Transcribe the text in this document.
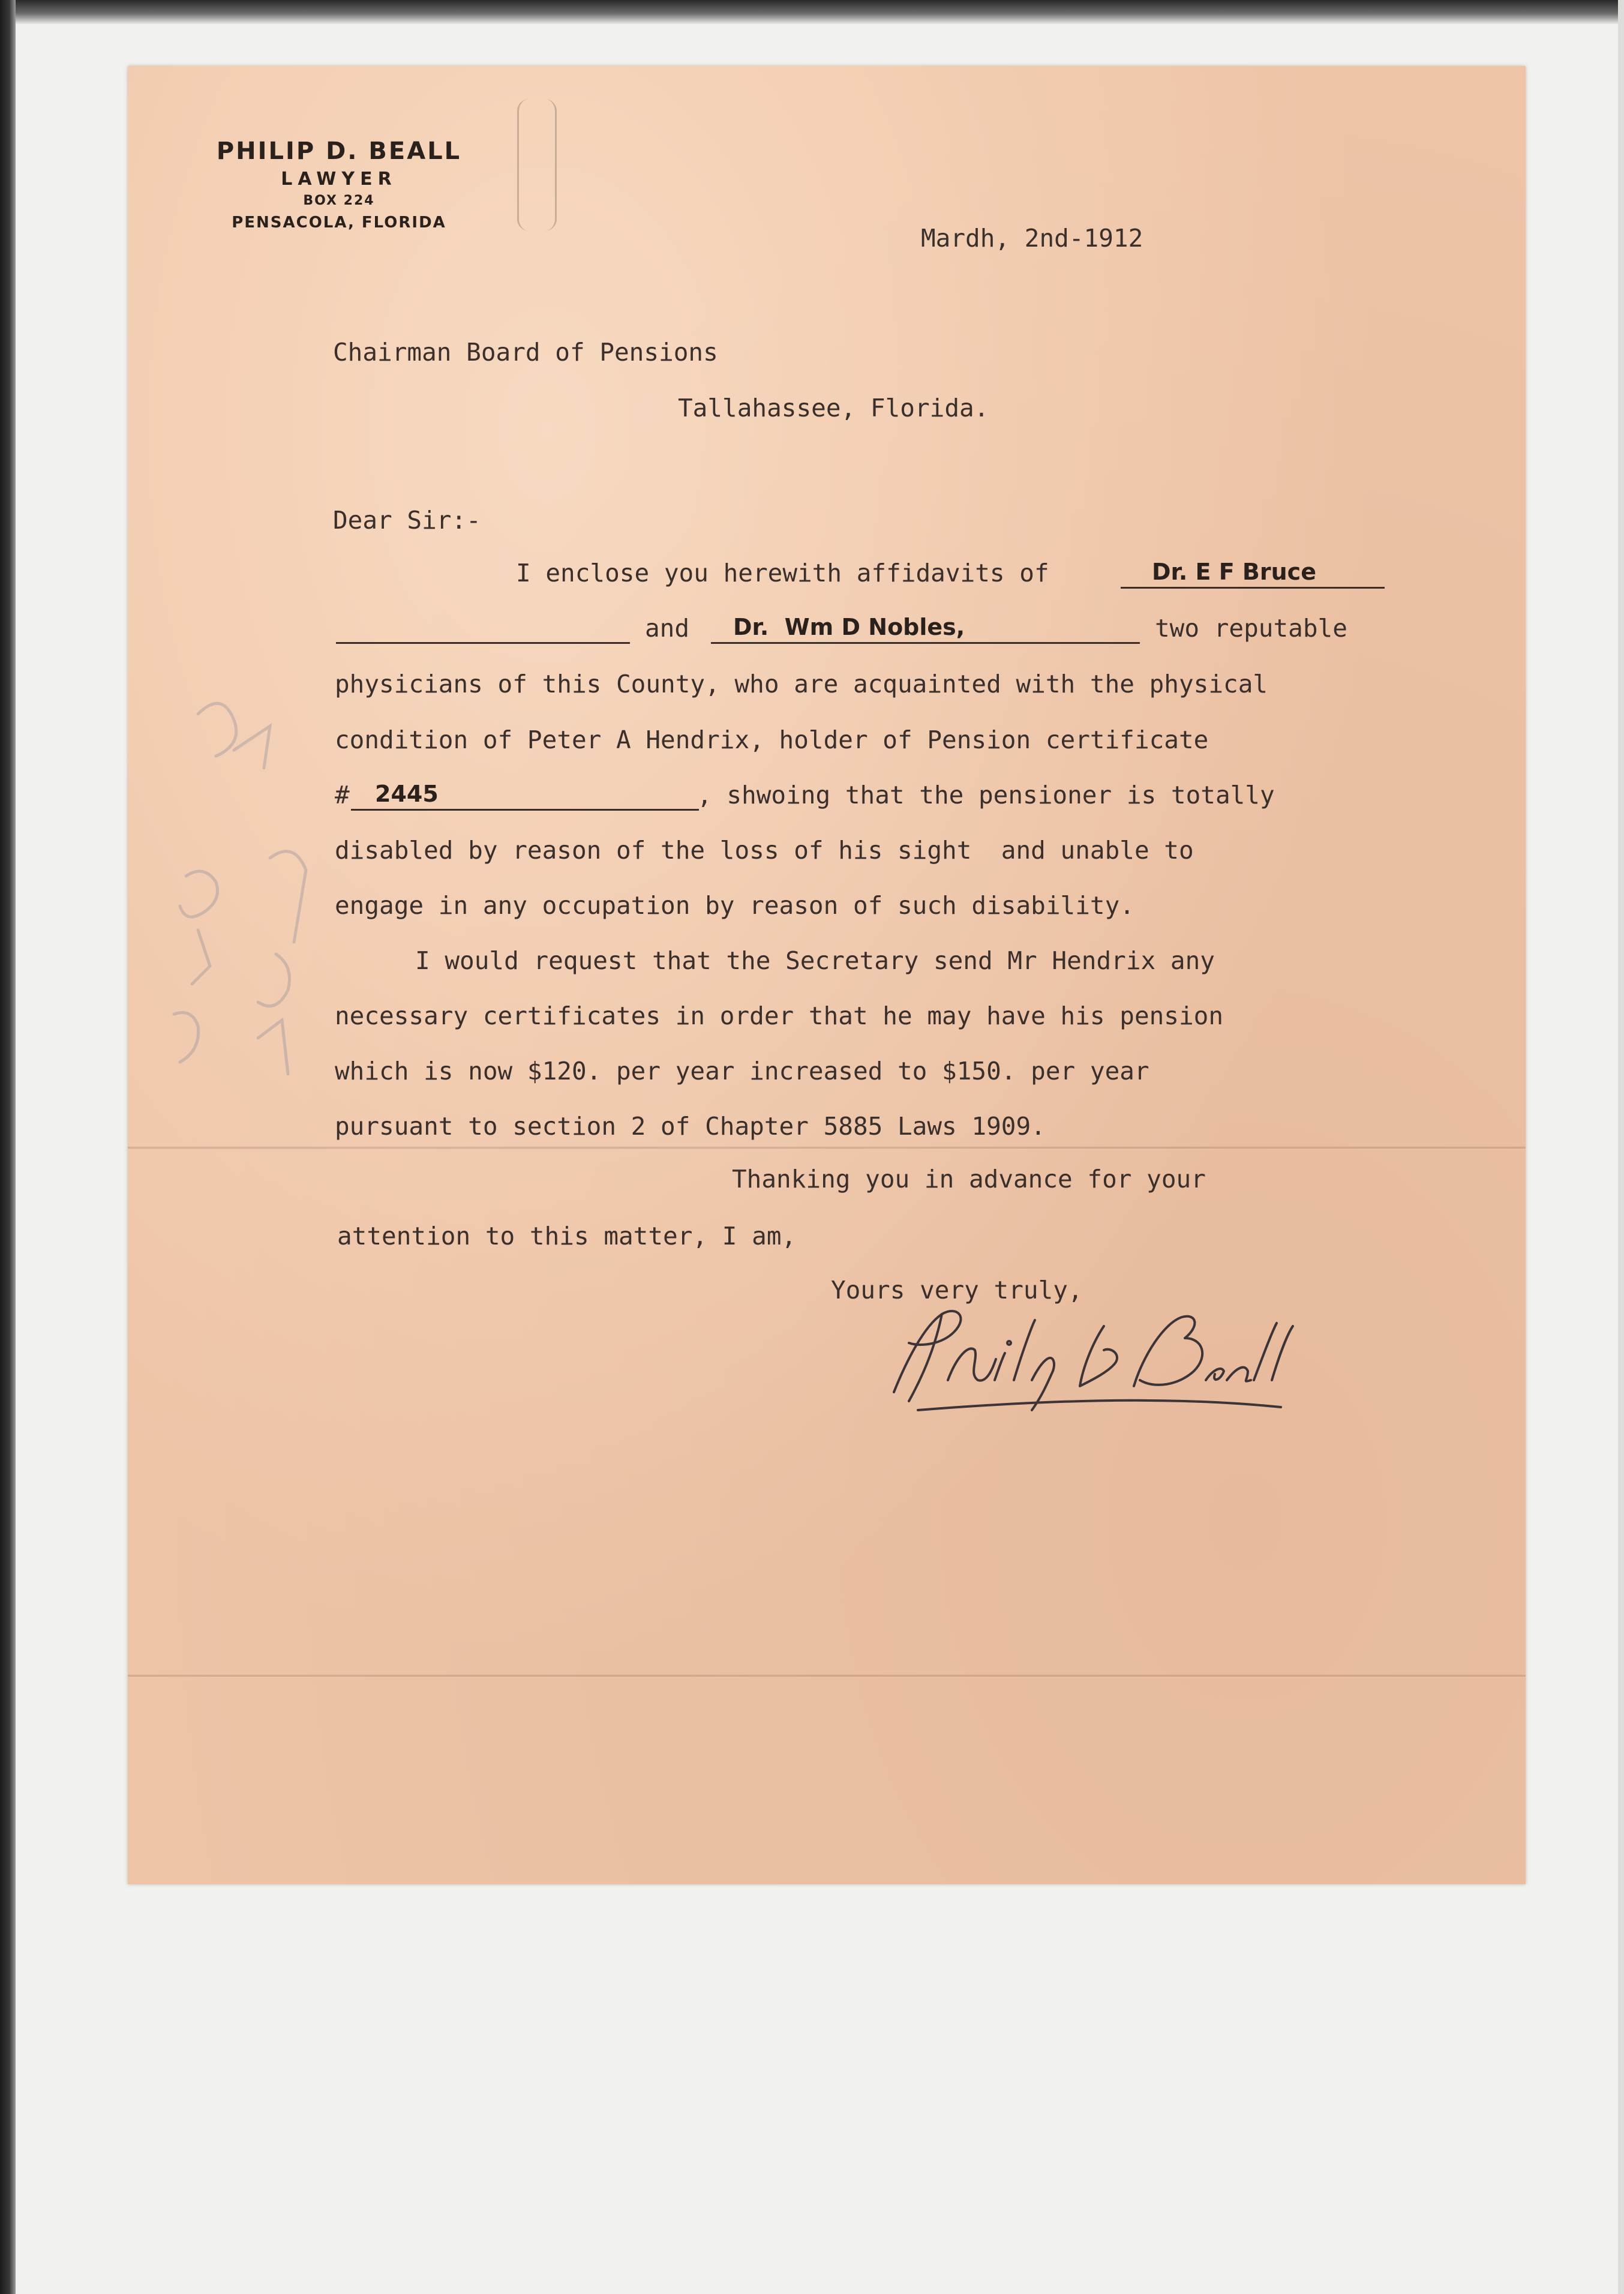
PHILIP D. BEALL
LAWYER
BOX 224
PENSACOLA, FLORIDA
Mardh, 2nd-1912
Chairman Board of Pensions
Tallahassee, Florida.
Dear Sir:-
I enclose you herewith affidavits of	Dr. E F Bruce
and Dr.  Wm D Nobles,	two reputable
physicians of this County, who are acquainted with the physical
condition of Peter A Hendrix, holder of Pension certificate
# 2445	, shwoing that the pensioner is totally
disabled by reason of the loss of his sight  and unable to
engage in any occupation by reason of such disability.
I would request that the Secretary send Mr Hendrix any
necessary certificates in order that he may have his pension
which is now $120. per year increased to $150. per year
pursuant to section 2 of Chapter 5885 Laws 1909.
Thanking you in advance for your
attention to this matter, I am,
Yours very truly,
